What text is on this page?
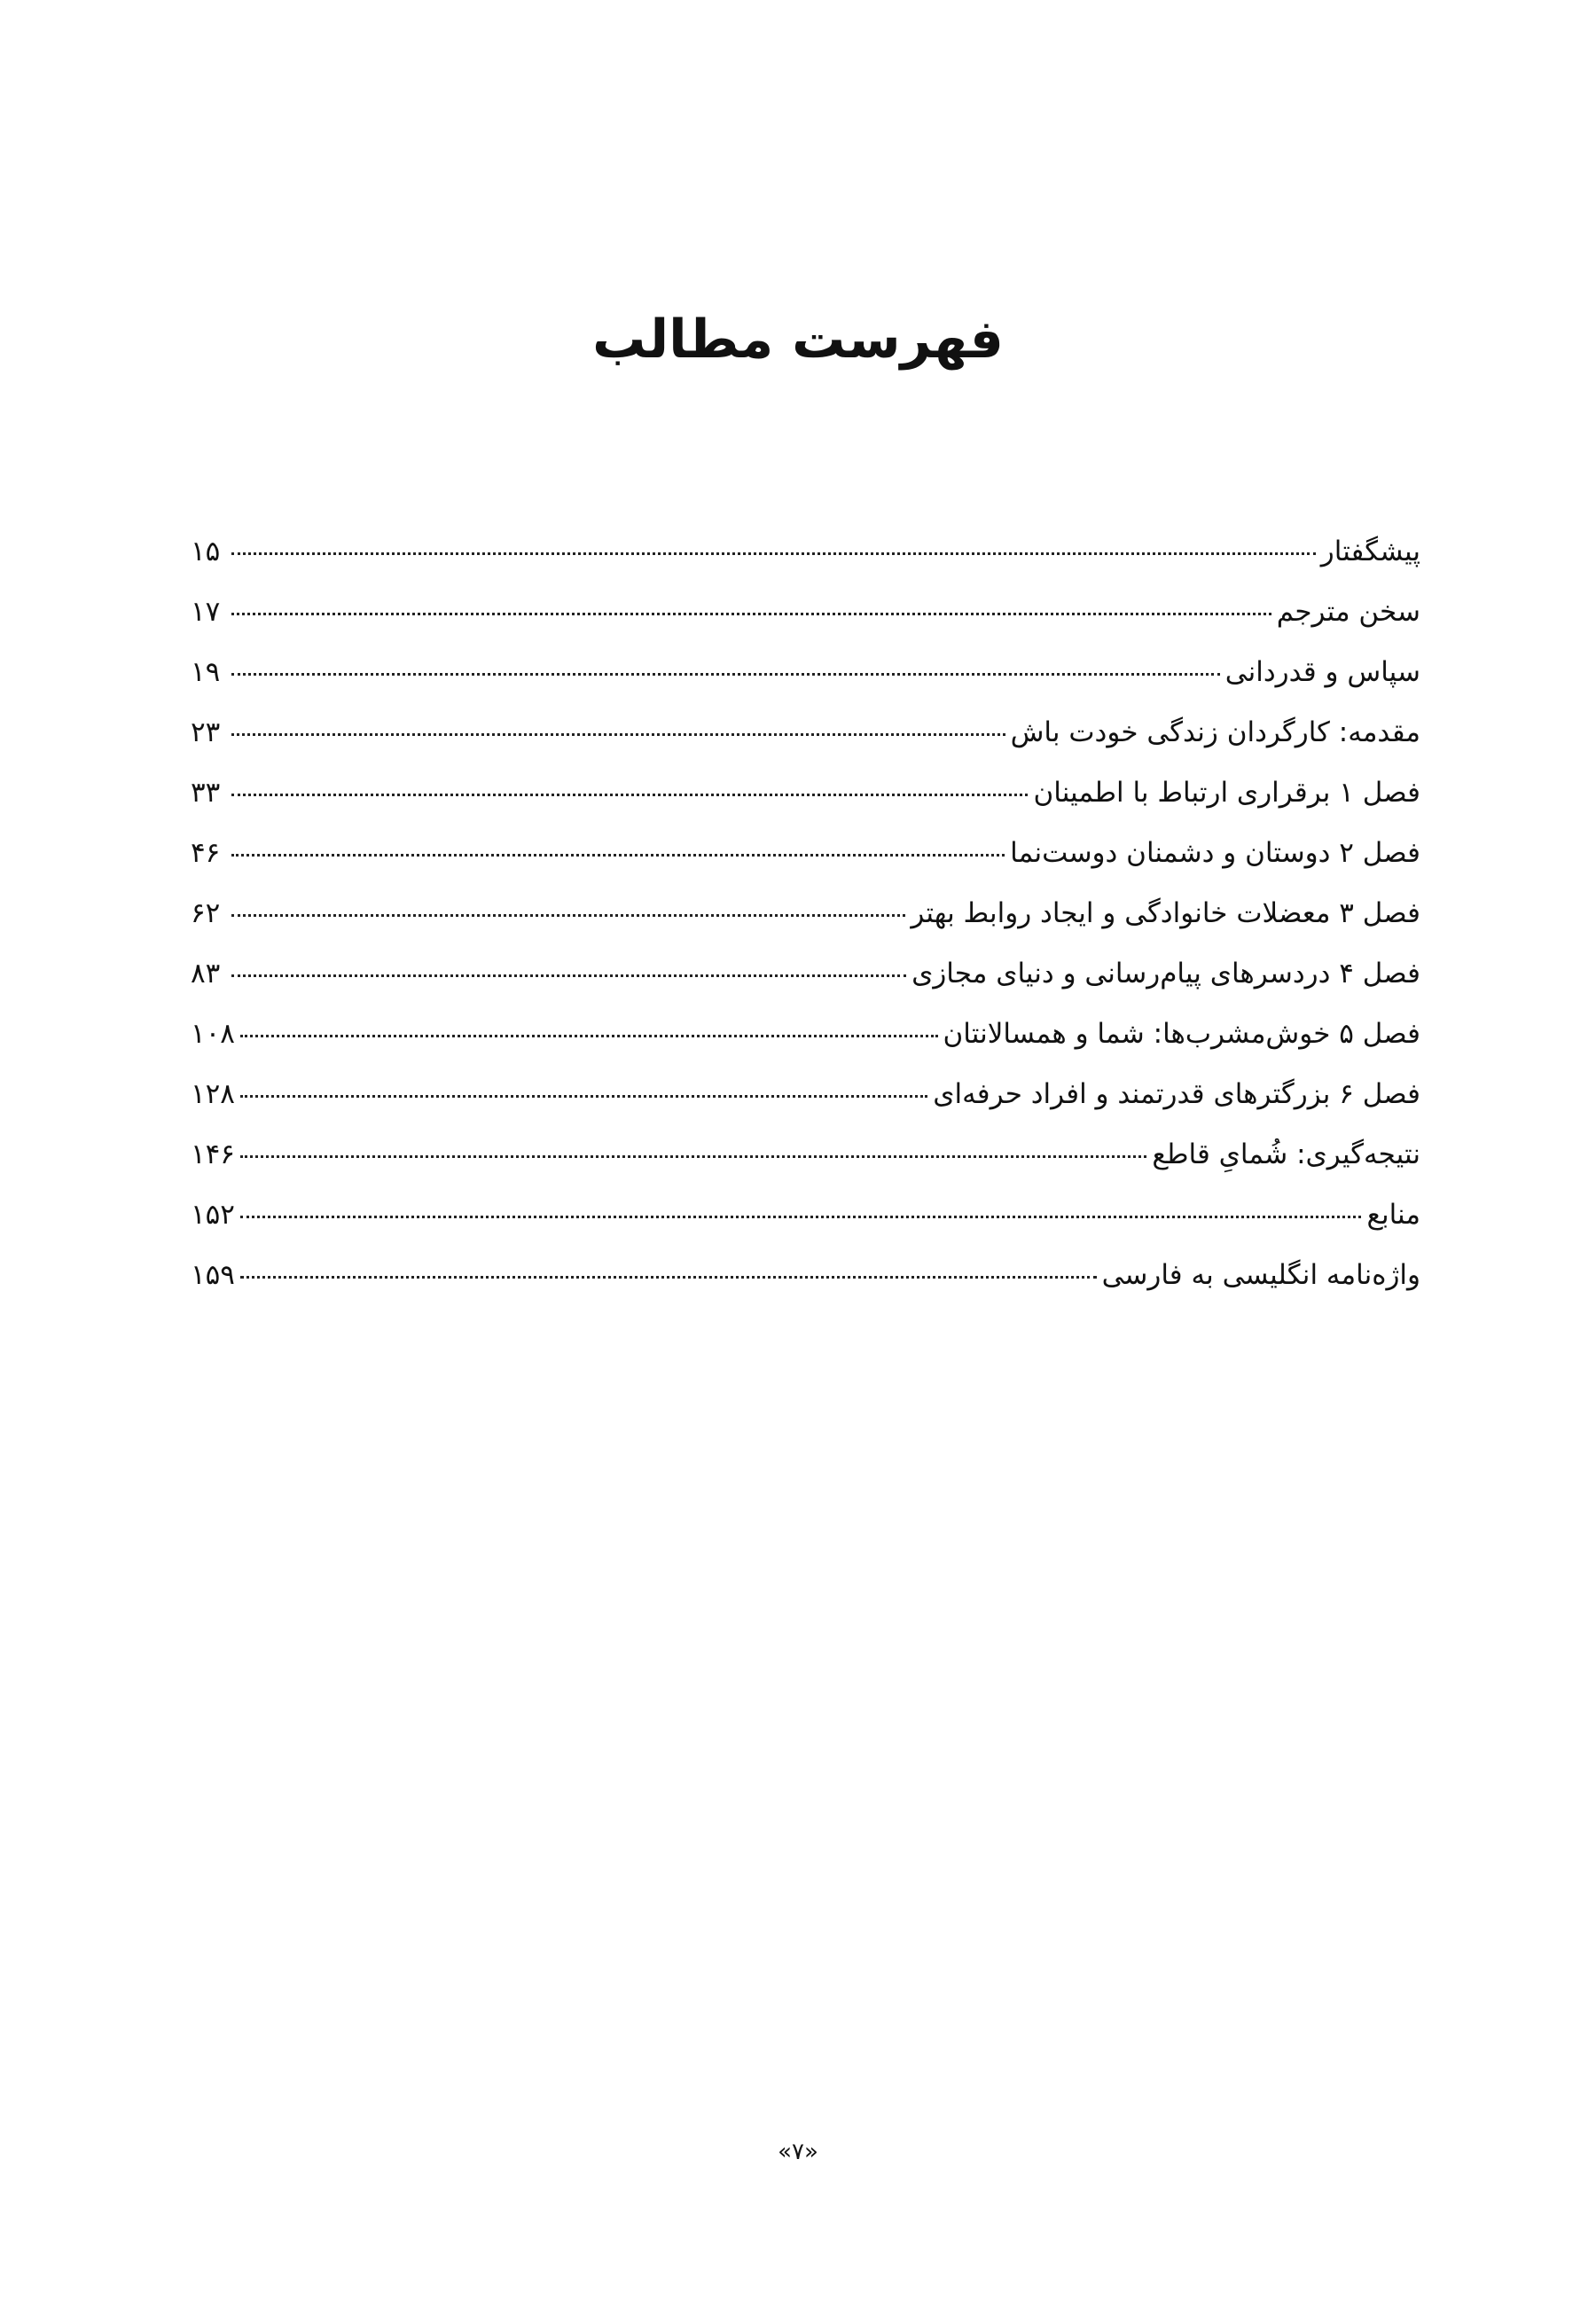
فهرست مطالب
پیشگفتار
۱۵
سخن مترجم
۱۷
سپاس و قدردانی
۱۹
مقدمه: کارگردان زندگی خودت باش
۲۳
فصل ۱ برقراری ارتباط با اطمینان
۳۳
فصل ۲ دوستان و دشمنان دوست‌نما
۴۶
فصل ۳ معضلات خانوادگی و ایجاد روابط بهتر
۶۲
فصل ۴ دردسرهای پیام‌رسانی و دنیای مجازی
۸۳
فصل ۵ خوش‌مشرب‌ها: شما و همسالانتان
۱۰۸
فصل ۶ بزرگترهای قدرتمند و افراد حرفه‌ای
۱۲۸
نتیجه‌گیری: شُمایِ قاطع
۱۴۶
منابع
۱۵۲
واژه‌نامه انگلیسی به فارسی
۱۵۹
«۷»
